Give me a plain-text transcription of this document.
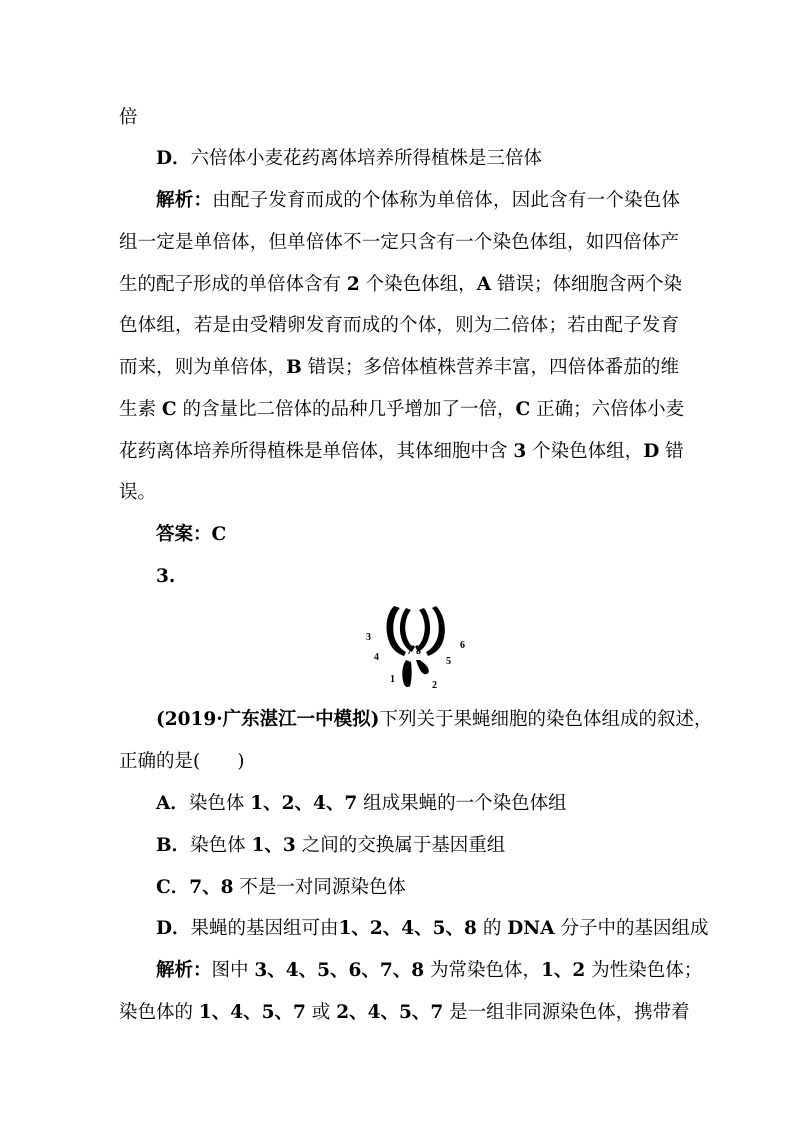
倍
D．六倍体小麦花药离体培养所得植株是三倍体
解析：由配子发育而成的个体称为单倍体，因此含有一个染色体
组一定是单倍体，但单倍体不一定只含有一个染色体组，如四倍体产
生的配子形成的单倍体含有 2 个染色体组，A 错误；体细胞含两个染
色体组，若是由受精卵发育而成的个体，则为二倍体；若由配子发育
而来，则为单倍体，B 错误；多倍体植株营养丰富，四倍体番茄的维
生素 C 的含量比二倍体的品种几乎增加了一倍，C 正确；六倍体小麦
花药离体培养所得植株是单倍体，其体细胞中含 3 个染色体组，D 错
误。
答案：C
3.
3
4
7 8
5
6
1
2
(2019·广东湛江一中模拟)下列关于果蝇细胞的染色体组成的叙述，
正确的是(　　)
A．染色体 1、2、4、7 组成果蝇的一个染色体组
B．染色体 1、3 之间的交换属于基因重组
C．7、8 不是一对同源染色体
D．果蝇的基因组可由1、2、4、5、8 的 DNA 分子中的基因组成
解析：图中 3、4、5、6、7、8 为常染色体，1、2 为性染色体；
染色体的 1、4、5、7 或 2、4、5、7 是一组非同源染色体，携带着
